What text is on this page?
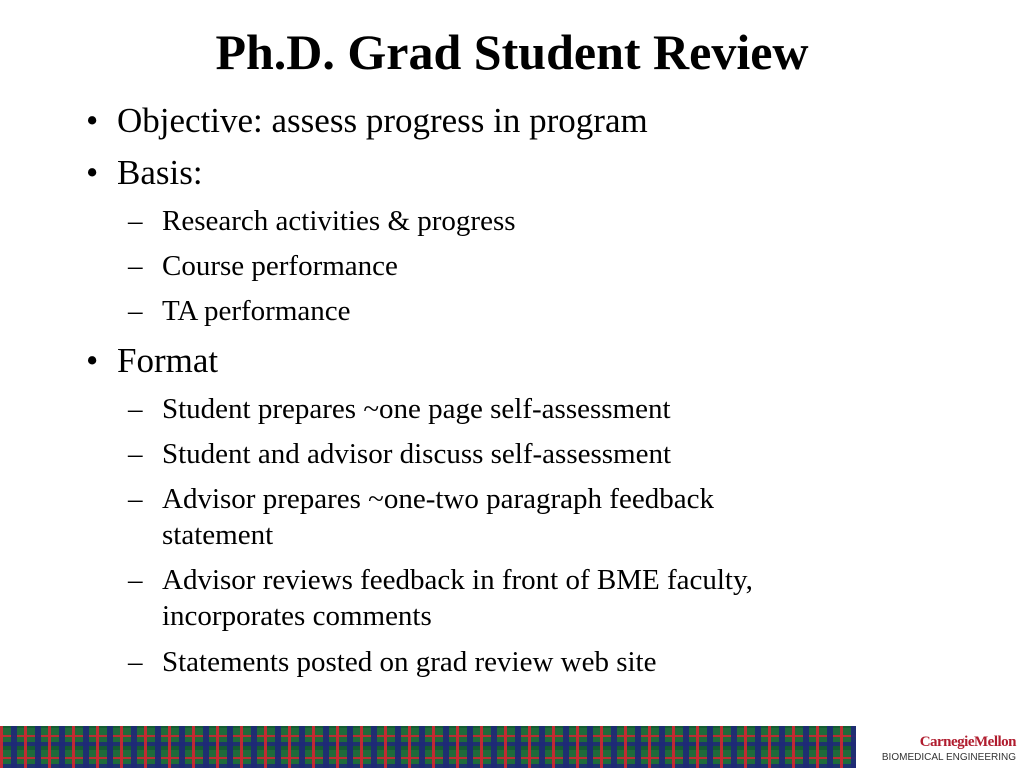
Ph.D. Grad Student Review
• Objective: assess progress in program
• Basis:
– Research activities & progress
– Course performance
– TA performance
• Format
– Student prepares ~one page self-assessment
– Student and advisor discuss self-assessment
– Advisor prepares ~one-two paragraph feedback
statement
– Advisor reviews feedback in front of BME faculty,
incorporates comments
– Statements posted on grad review web site
CarnegieMellon
BIOMEDICAL ENGINEERING
